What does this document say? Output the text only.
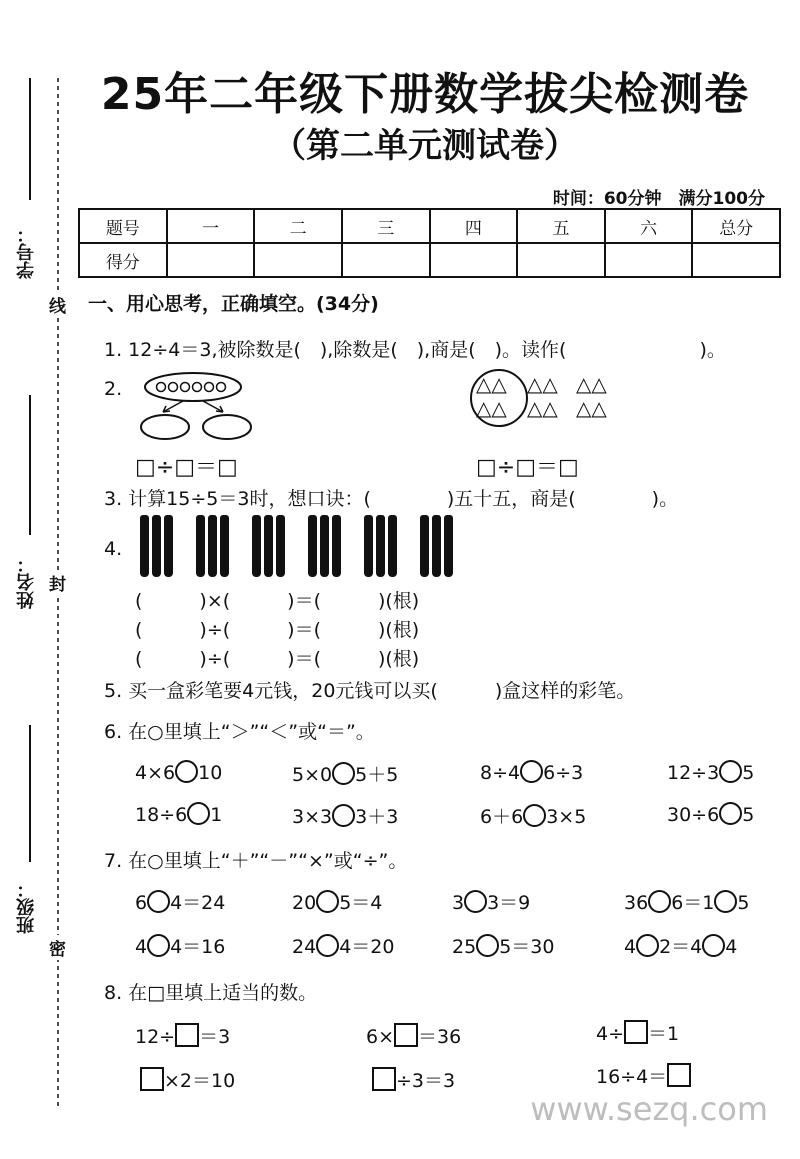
学号：
姓名：
班级：
线
封
密
25年二年级下册数学拔尖检测卷
（第二单元测试卷）
时间：60分钟　满分100分
题号	一	二	三	四	五	六	总分
得分							
一、用心思考，正确填空。(34分)
1. 12÷4＝3,被除数是(　),除数是(　),商是(　)。读作(　　　　　　　)。
2.
□÷□＝□
△△
△△
△△
△△
△△
△△
□÷□＝□
3. 计算15÷5＝3时，想口诀：(　　　　)五十五，商是(　　　　)。
4.
(　　　)×(　　　)＝(　　　)(根)
(　　　)÷(　　　)＝(　　　)(根)
(　　　)÷(　　　)＝(　　　)(根)
5. 买一盒彩笔要4元钱，20元钱可以买(　　　)盒这样的彩笔。
6. 在○里填上“＞”“＜”或“＝”。
4×6 10	5×0 5＋5	8÷4 6÷3	12÷3 5
18÷6 1	3×3 3＋3	6＋6 3×5	30÷6 5
7. 在○里填上“＋”“－”“×”或“÷”。
6 4＝24	20 5＝4	3 3＝9	36 6＝1 5
4 4＝16	24 4＝20	25 5＝30	4 2＝4 4
8. 在□里填上适当的数。
12÷ ＝3	6× ＝36	4÷ ＝1
×2＝10	÷3＝3	16÷4＝
www.sezq.com
